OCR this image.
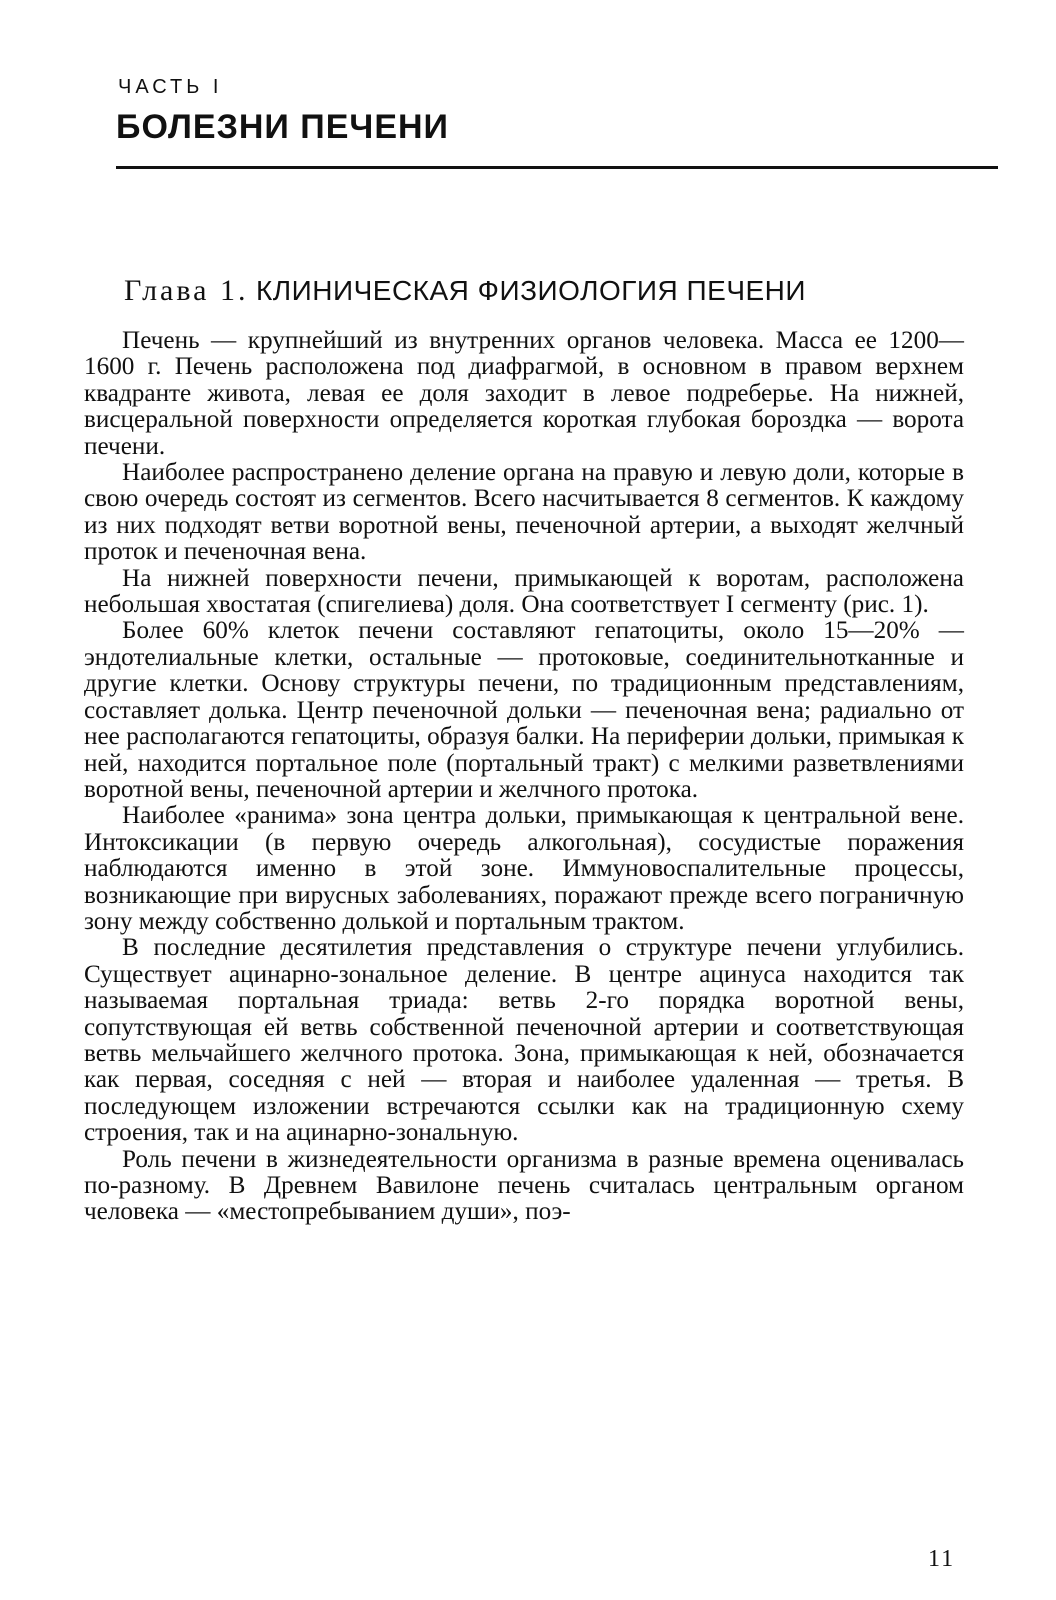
ЧАСТЬ I
БОЛЕЗНИ ПЕЧЕНИ
Глава 1. КЛИНИЧЕСКАЯ ФИЗИОЛОГИЯ ПЕЧЕНИ

Печень — крупнейший из внутренних органов человека. Масса ее 1200—1600 г. Печень расположена под диафрагмой, в основном в правом верхнем квадранте живота, левая ее доля заходит в левое подреберье. На нижней, висцеральной поверхности определяется короткая глубокая бороздка — ворота печени.

Наиболее распространено деление органа на правую и левую доли, которые в свою очередь состоят из сегментов. Всего насчитывается 8 сегментов. К каждому из них подходят ветви воротной вены, печеночной артерии, а выходят желчный проток и печеночная вена.

На нижней поверхности печени, примыкающей к воротам, расположена небольшая хвостатая (спигелиева) доля. Она соответствует I сегменту (рис. 1).

Более 60% клеток печени составляют гепатоциты, около 15—20% — эндотелиальные клетки, остальные — протоковые, соединительнотканные и другие клетки. Основу структуры печени, по традиционным представлениям, составляет долька. Центр печеночной дольки — печеночная вена; радиально от нее располагаются гепатоциты, образуя балки. На периферии дольки, примыкая к ней, находится портальное поле (портальный тракт) с мелкими разветвлениями воротной вены, печеночной артерии и желчного протока.

Наиболее «ранима» зона центра дольки, примыкающая к центральной вене. Интоксикации (в первую очередь алкогольная), сосудистые поражения наблюдаются именно в этой зоне. Иммуновоспалительные процессы, возникающие при вирусных заболеваниях, поражают прежде всего пограничную зону между собственно долькой и портальным трактом.

В последние десятилетия представления о структуре печени углубились. Существует ацинарно-зональное деление. В центре ацинуса находится так называемая портальная триада: ветвь 2-го порядка воротной вены, сопутствующая ей ветвь собственной печеночной артерии и соответствующая ветвь мельчайшего желчного протока. Зона, примыкающая к ней, обозначается как первая, соседняя с ней — вторая и наиболее удаленная — третья. В последующем изложении встречаются ссылки как на традиционную схему строения, так и на ацинарно-зональную.

Роль печени в жизнедеятельности организма в разные времена оценивалась по-разному. В Древнем Вавилоне печень считалась центральным органом человека — «местопребыванием души», поэ-

11
